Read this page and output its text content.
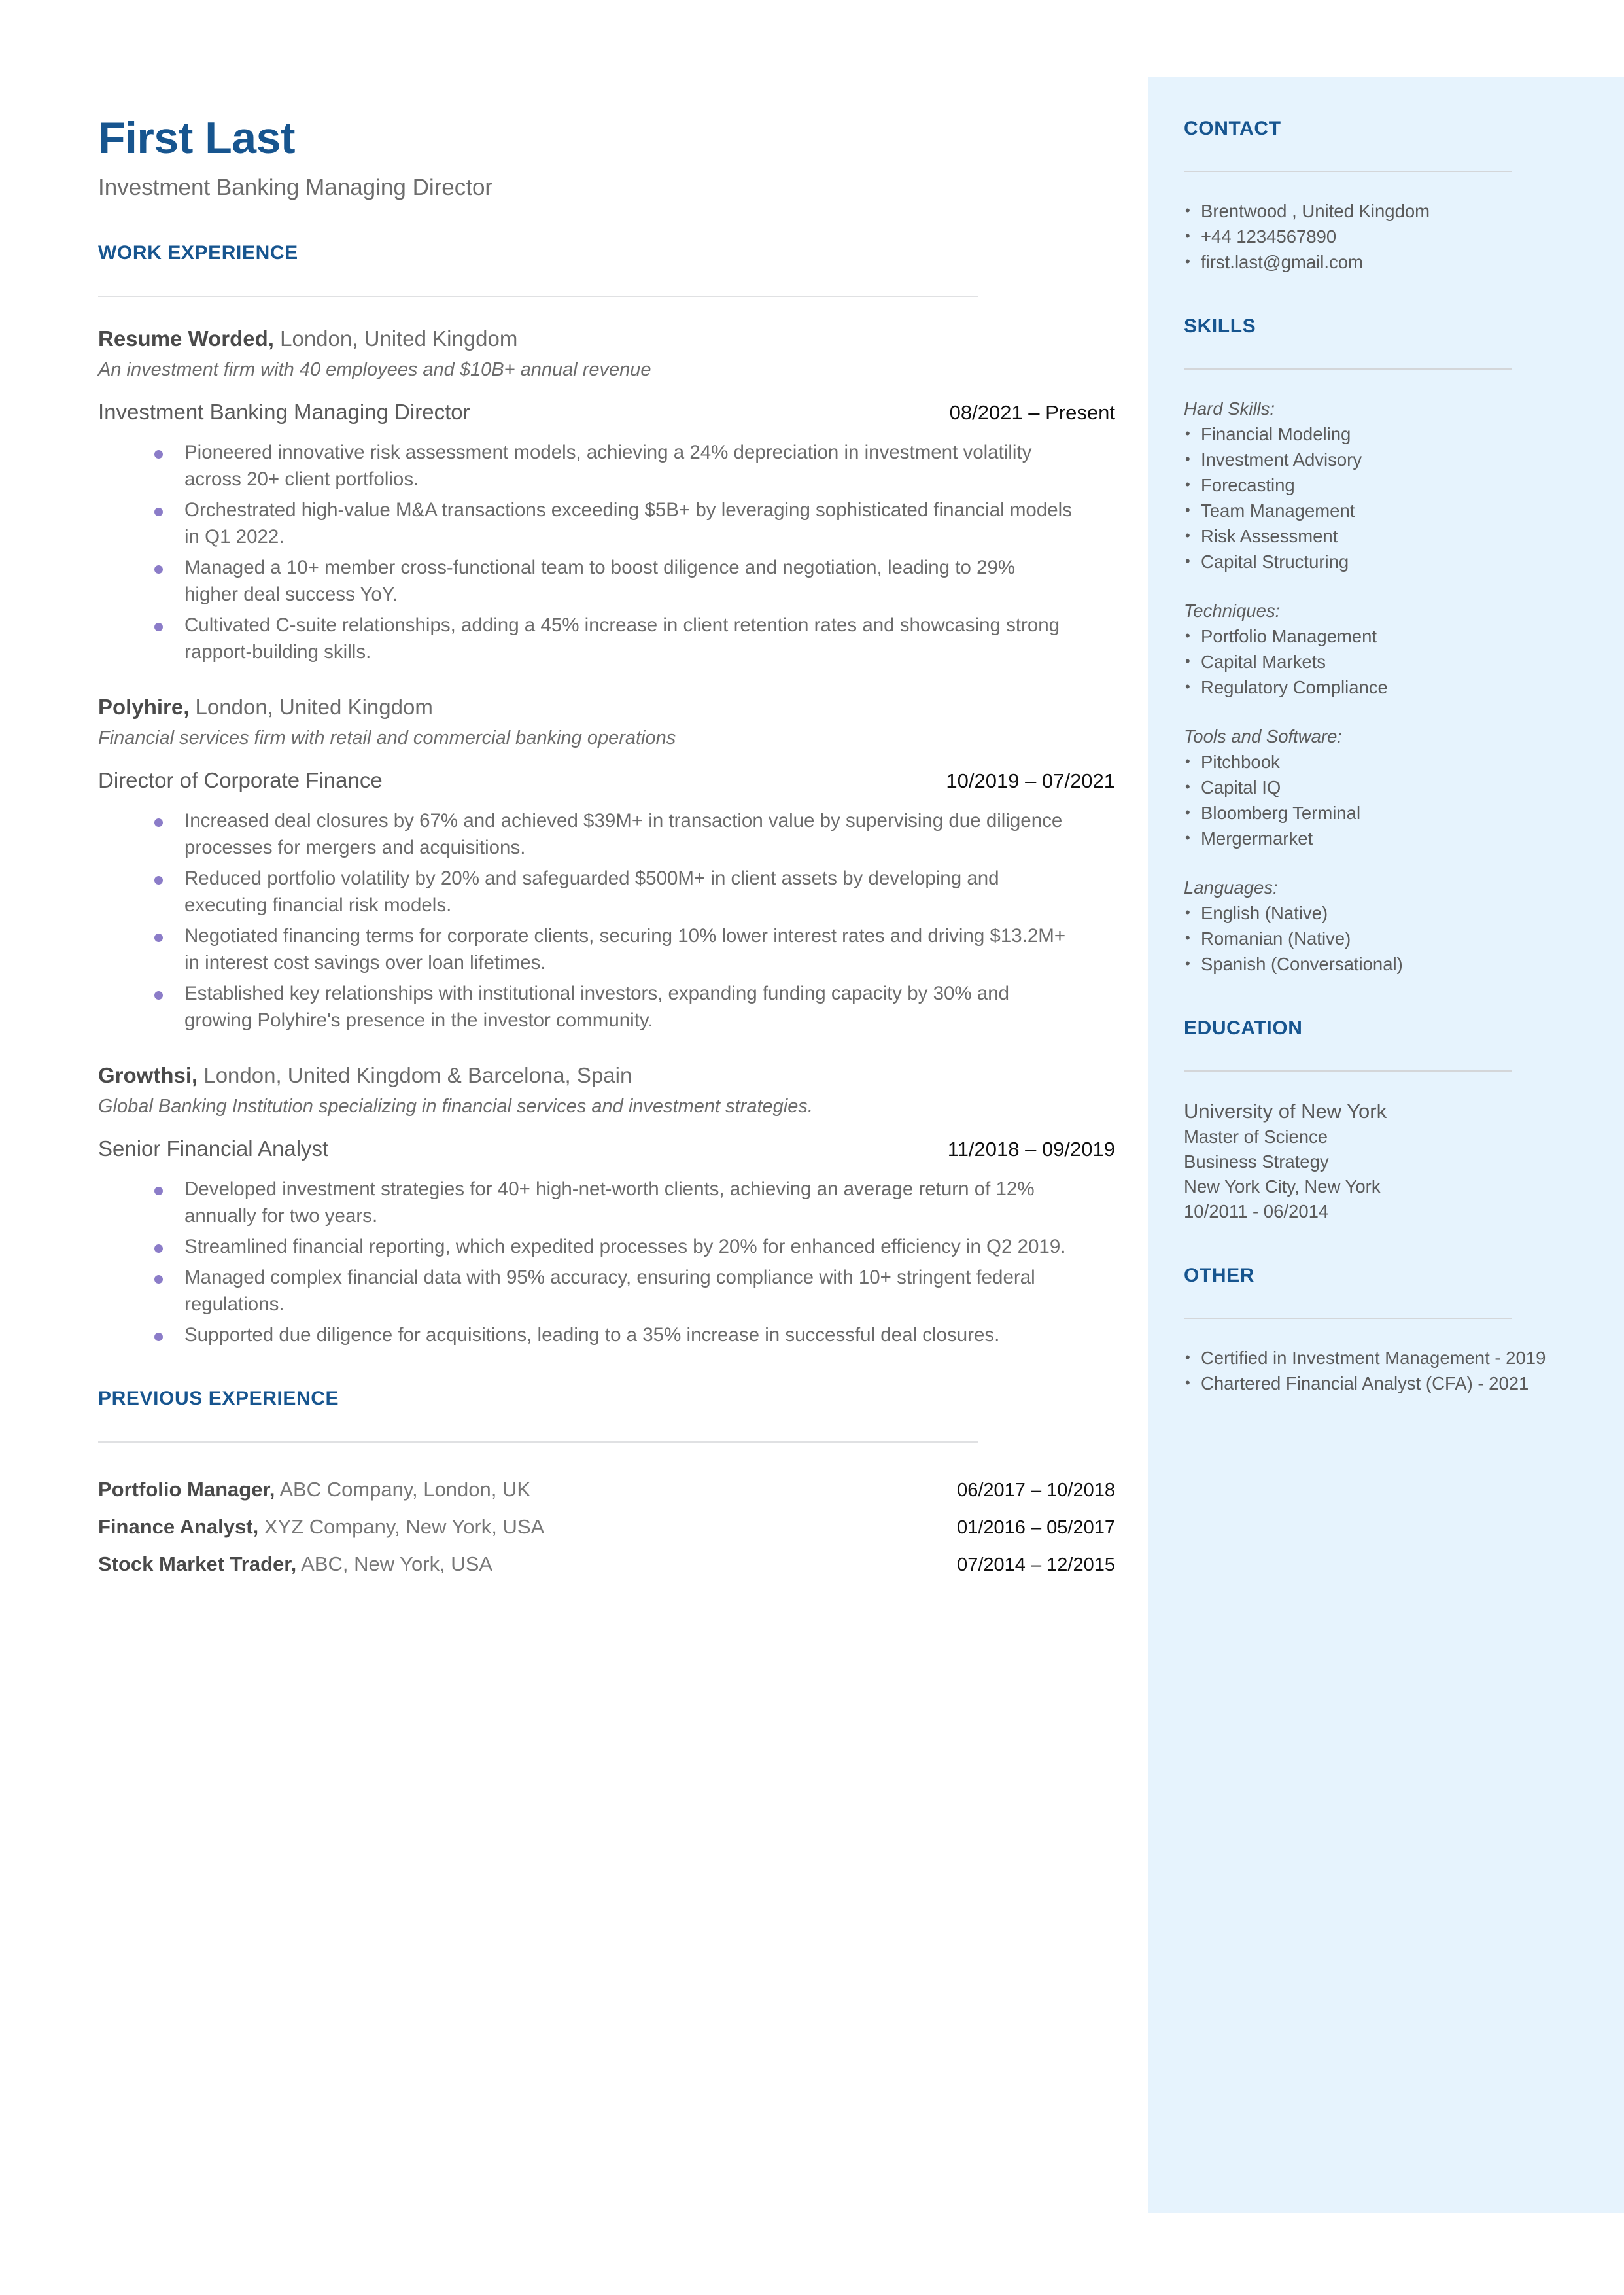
First Last
Investment Banking Managing Director
WORK EXPERIENCE
Resume Worded, London, United Kingdom
An investment firm with 40 employees and $10B+ annual revenue
Investment Banking Managing Director	08/2021 – Present
Pioneered innovative risk assessment models, achieving a 24% depreciation in investment volatility across 20+ client portfolios.
Orchestrated high-value M&A transactions exceeding $5B+ by leveraging sophisticated financial models in Q1 2022.
Managed a 10+ member cross-functional team to boost diligence and negotiation, leading to 29% higher deal success YoY.
Cultivated C-suite relationships, adding a 45% increase in client retention rates and showcasing strong rapport-building skills.
Polyhire, London, United Kingdom
Financial services firm with retail and commercial banking operations
Director of Corporate Finance	10/2019 – 07/2021
Increased deal closures by 67% and achieved $39M+ in transaction value by supervising due diligence processes for mergers and acquisitions.
Reduced portfolio volatility by 20% and safeguarded $500M+ in client assets by developing and executing financial risk models.
Negotiated financing terms for corporate clients, securing 10% lower interest rates and driving $13.2M+ in interest cost savings over loan lifetimes.
Established key relationships with institutional investors, expanding funding capacity by 30% and growing Polyhire's presence in the investor community.
Growthsi, London, United Kingdom & Barcelona, Spain
Global Banking Institution specializing in financial services and investment strategies.
Senior Financial Analyst	11/2018 – 09/2019
Developed investment strategies for 40+ high-net-worth clients, achieving an average return of 12% annually for two years.
Streamlined financial reporting, which expedited processes by 20% for enhanced efficiency in Q2 2019.
Managed complex financial data with 95% accuracy, ensuring compliance with 10+ stringent federal regulations.
Supported due diligence for acquisitions, leading to a 35% increase in successful deal closures.
PREVIOUS EXPERIENCE
Portfolio Manager, ABC Company, London, UK	06/2017 – 10/2018
Finance Analyst, XYZ Company, New York, USA	01/2016 – 05/2017
Stock Market Trader, ABC, New York, USA	07/2014 – 12/2015
CONTACT
• Brentwood , United Kingdom
• +44 1234567890
• first.last@gmail.com
SKILLS
Hard Skills:
• Financial Modeling
• Investment Advisory
• Forecasting
• Team Management
• Risk Assessment
• Capital Structuring
Techniques:
• Portfolio Management
• Capital Markets
• Regulatory Compliance
Tools and Software:
• Pitchbook
• Capital IQ
• Bloomberg Terminal
• Mergermarket
Languages:
• English (Native)
• Romanian (Native)
• Spanish (Conversational)
EDUCATION
University of New York
Master of Science
Business Strategy
New York City, New York
10/2011 - 06/2014
OTHER
• Certified in Investment Management - 2019
• Chartered Financial Analyst (CFA) - 2021
